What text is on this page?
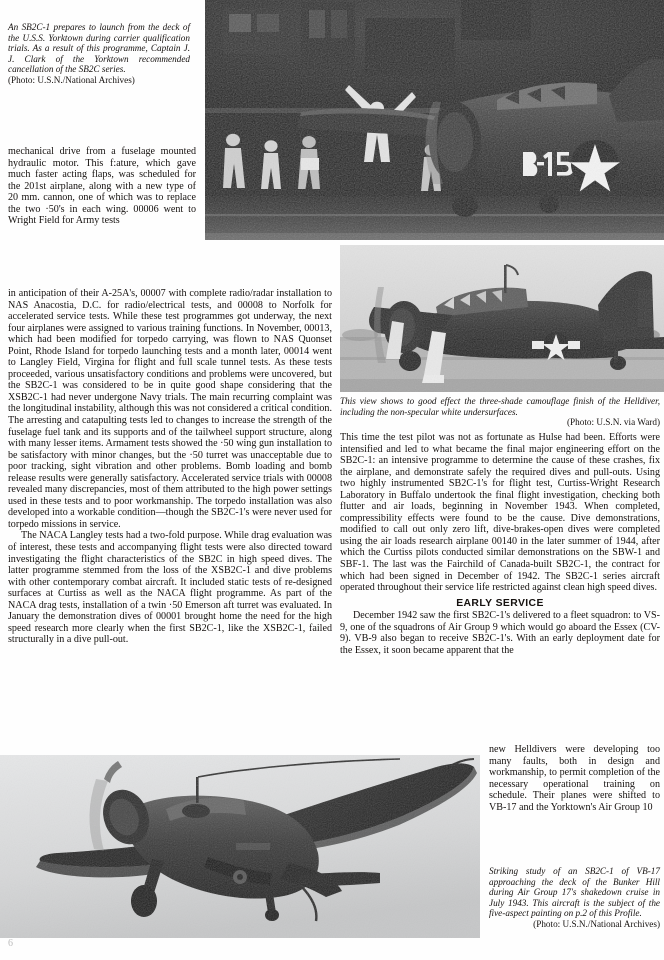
An SB2C-1 prepares to launch from the deck of the U.S.S. Yorktown during carrier qualification trials. As a result of this programme, Captain J. J. Clark of the Yorktown recommended cancellation of the SB2C series.

(Photo: U.S.N./National Archives)

mechanical drive from a fuselage mounted hydraulic motor. This f:ature, which gave much faster acting flaps, was scheduled for the 201st airplane, along with a new type of 20 mm. cannon, one of which was to replace the two ·50's in each wing. 00006 went to Wright Field for Army tests

in anticipation of their A-25A's, 00007 with complete radio/radar installation to NAS Anacostia, D.C. for radio/electrical tests, and 00008 to Norfolk for accelerated service tests. While these test programmes got underway, the next four airplanes were assigned to various training functions. In November, 00013, which had been modified for torpedo carrying, was flown to NAS Quonset Point, Rhode Island for torpedo launching tests and a month later, 00014 went to Langley Field, Virgina for flight and full scale tunnel tests. As these tests proceeded, various unsatisfactory conditions and problems were uncovered, but the SB2C-1 was considered to be in quite good shape considering that the XSB2C-1 had never undergone Navy trials. The main recurring complaint was the longitudinal instability, although this was not considered a critical condition. The arresting and catapulting tests led to changes to increase the strength of the fuselage fuel tank and its supports and of the tailwheel support structure, along with many lesser items. Armament tests showed the ·50 wing gun installation to be satisfactory with minor changes, but the ·50 turret was unacceptable due to poor tracking, sight vibration and other problems. Bomb loading and bomb release results were generally satisfactory. Accelerated service trials with 00008 revealed many discrepancies, most of them attributed to the high power settings used in these tests and to poor workmanship. The torpedo installation was also developed into a workable condition—though the SB2C-1's were never used for torpedo missions in service.

The NACA Langley tests had a two-fold purpose. While drag evaluation was of interest, these tests and accompanying flight tests were also directed toward investigating the flight characteristics of the SB2C in high speed dives. The latter programme stemmed from the loss of the XSB2C-1 and dive problems with other contemporary combat aircraft. It included static tests of re-designed surfaces at Curtiss as well as the NACA flight programme. As part of the NACA drag tests, installation of a twin ·50 Emerson aft turret was evaluated. In January the demonstration dives of 00001 brought home the need for the high speed research more clearly when the first SB2C-1, like the XSB2C-1, failed structurally in a dive pull-out.

This view shows to good effect the three-shade camouflage finish of the Helldiver, including the non-specular white undersurfaces.

(Photo: U.S.N. via Ward)

This time the test pilot was not as fortunate as Hulse had been. Efforts were intensified and led to what became the final major engineering effort on the SB2C-1: an intensive programme to determine the cause of these crashes, fix the airplane, and demonstrate safely the required dives and pull-outs. Using two highly instrumented SB2C-1's for flight test, Curtiss-Wright Research Laboratory in Buffalo undertook the final flight investigation, checking both flutter and air loads, beginning in November 1943. When completed, compressibility effects were found to be the cause. Dive demonstrations, modified to call out only zero lift, dive-brakes-open dives were completed using the air loads research airplane 00140 in the later summer of 1944, after which the Curtiss pilots conducted similar demonstrations on the SBW-1 and SBF-1. The last was the Fairchild of Canada-built SB2C-1, the contract for which had been signed in December of 1942. The SB2C-1 series aircraft operated throughout their service life restricted against clean high speed dives.

EARLY SERVICE

December 1942 saw the first SB2C-1's delivered to a fleet squadron: to VS-9, one of the squadrons of Air Group 9 which would go aboard the Essex (CV-9). VB-9 also began to receive SB2C-1's. With an early deployment date for the Essex, it soon became apparent that the

new Helldivers were developing too many faults, both in design and workmanship, to permit completion of the necessary operational training on schedule. Their planes were shifted to VB-17 and the Yorktown's Air Group 10

Striking study of an SB2C-1 of VB-17 approaching the deck of the Bunker Hill during Air Group 17's shakedown cruise in July 1943. This aircraft is the subject of the five-aspect painting on p.2 of this Profile.

(Photo: U.S.N./National Archives)

6
